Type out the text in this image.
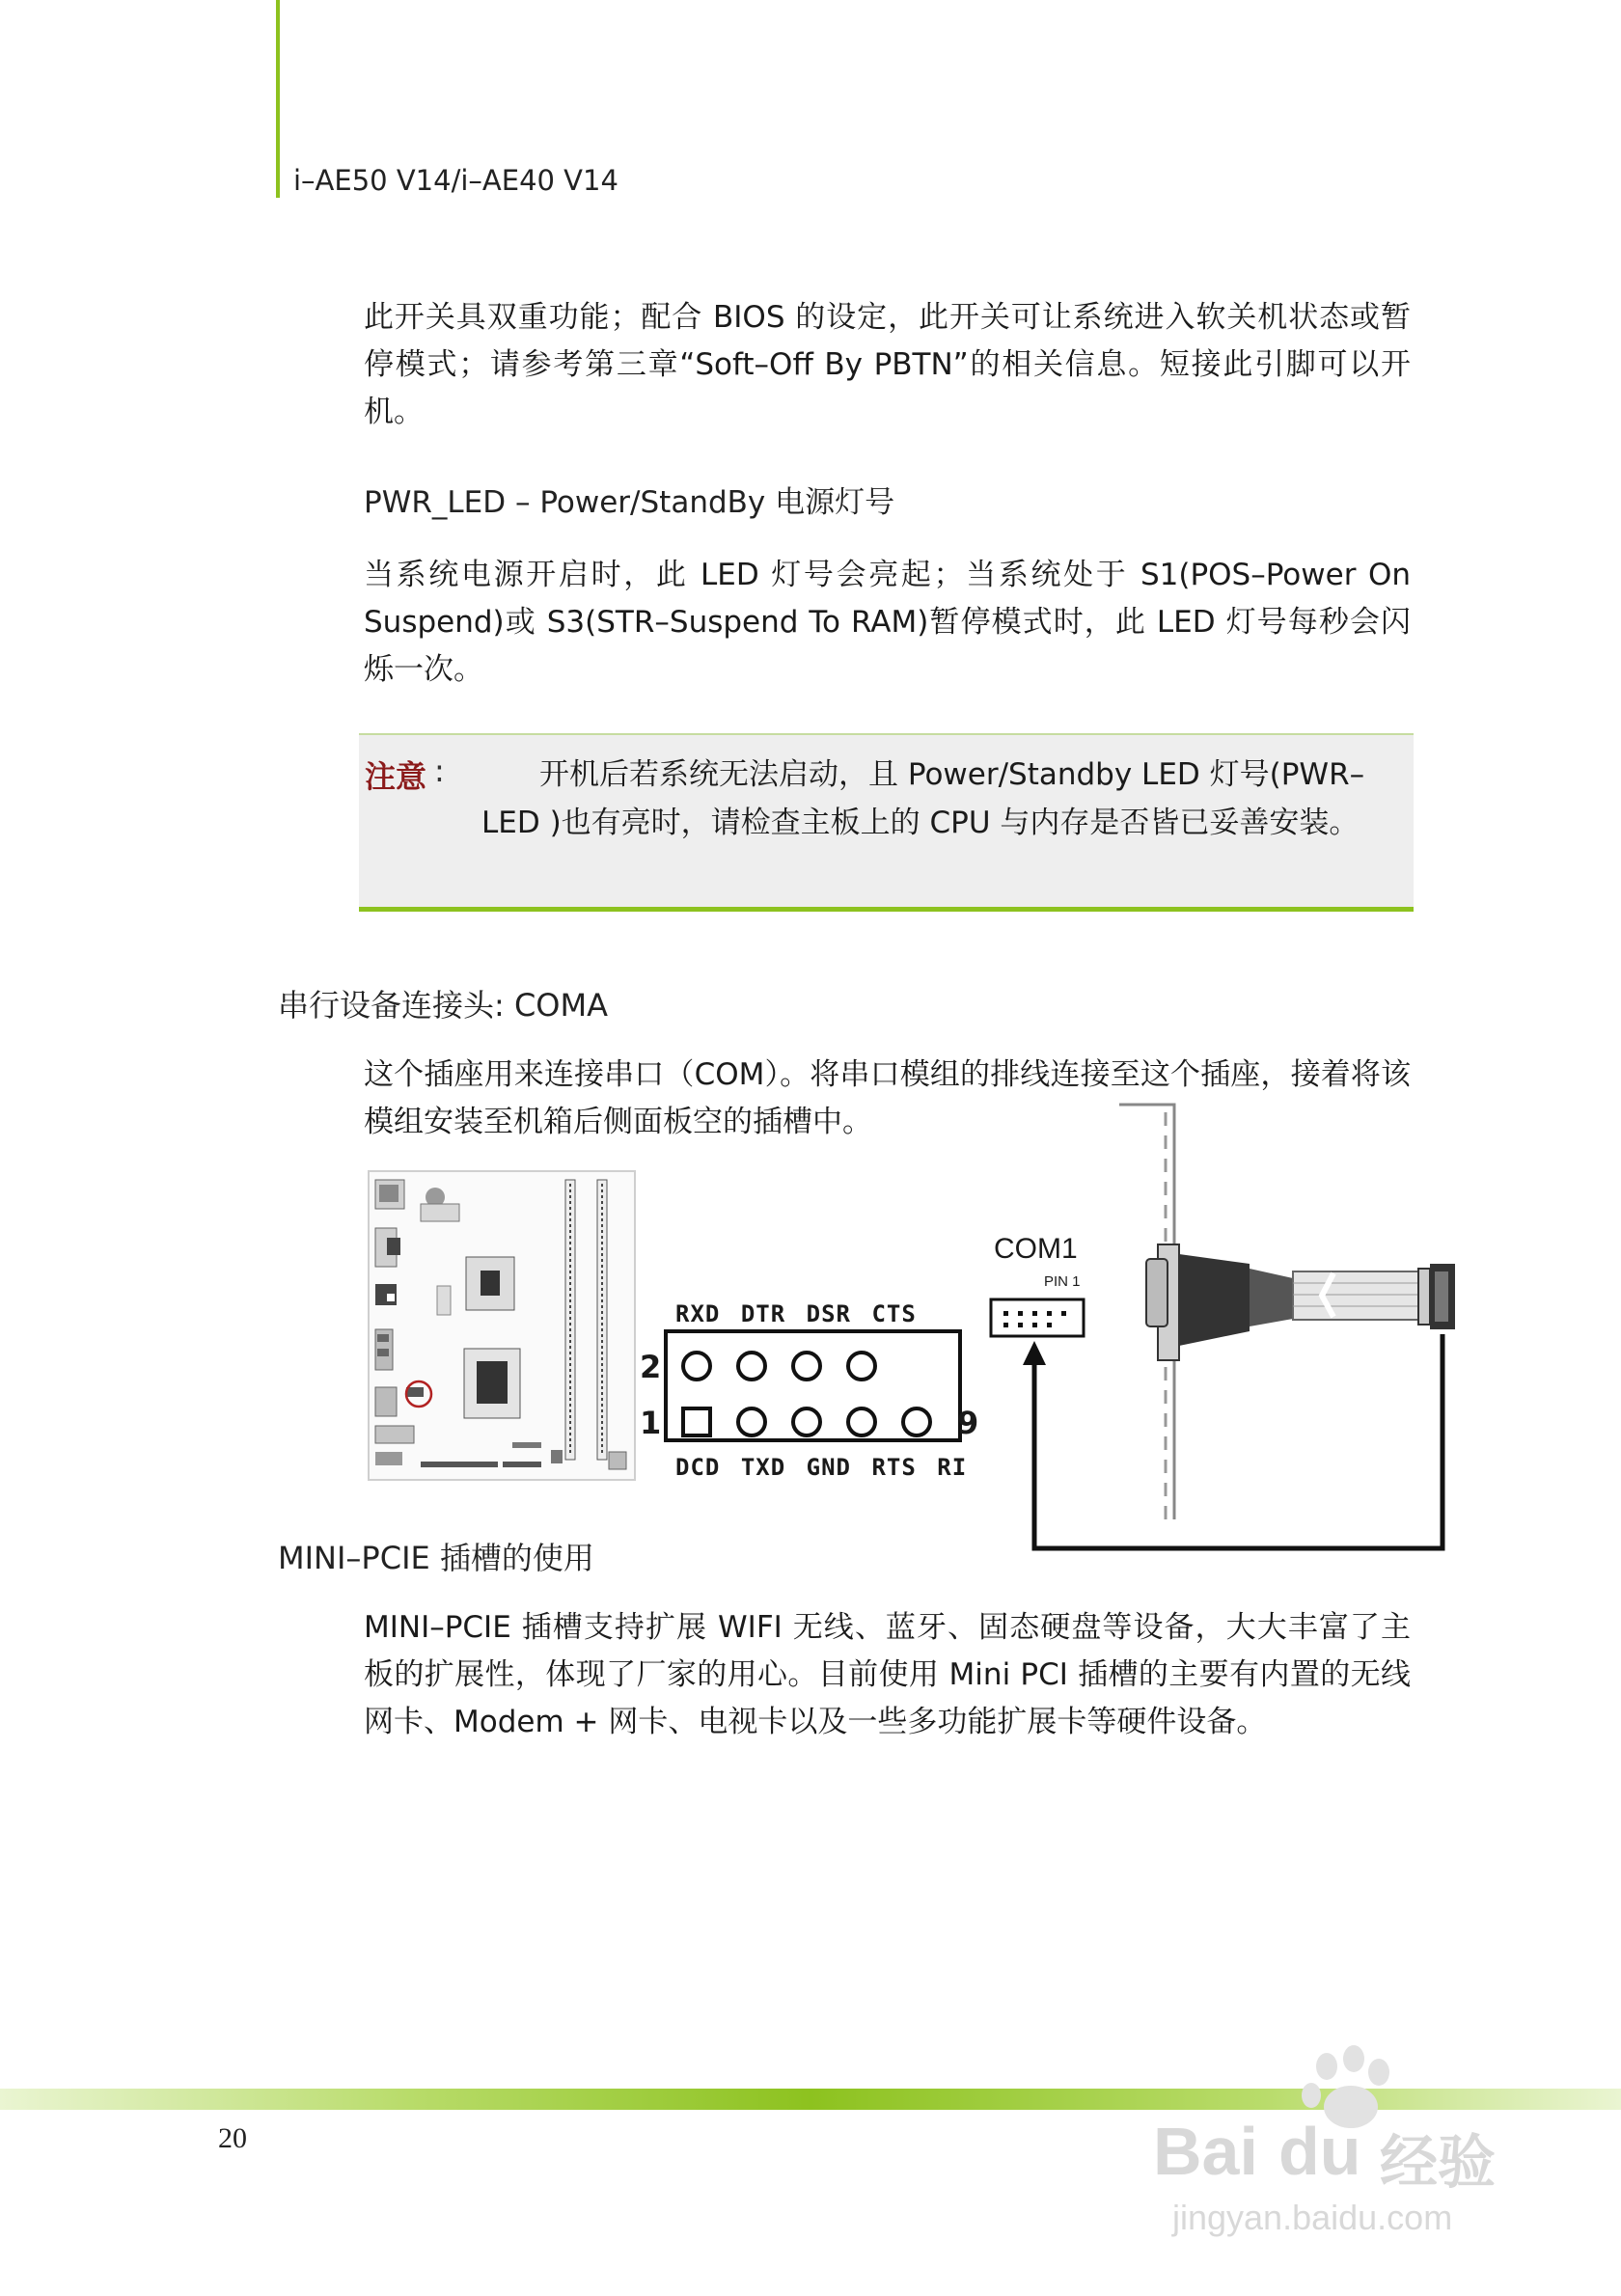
i–AE50 V14/i–AE40 V14

此开关具双重功能；配合 BIOS 的设定，此开关可让系统进入软关机状态或暂停模式；请参考第三章“Soft–Off By PBTN”的相关信息。短接此引脚可以开机。

PWR_LED – Power/StandBy 电源灯号

当系统电源开启时，此 LED 灯号会亮起；当系统处于 S1(POS–Power On Suspend)或 S3(STR–Suspend To RAM)暂停模式时，此 LED 灯号每秒会闪烁一次。

注意 :	开机后若系统无法启动，且 Power/Standby LED 灯号(PWR–LED )也有亮时，请检查主板上的 CPU 与内存是否皆已妥善安装。

串行设备连接头: COMA

这个插座用来连接串口（COM）。将串口模组的排线连接至这个插座，接着将该模组安装至机箱后侧面板空的插槽中。

RXD DTR DSR CTS
DCD TXD GND RTS RI
2
1	9
COM1
PIN 1
MINI–PCIE 插槽的使用

MINI–PCIE 插槽支持扩展 WIFI 无线、蓝牙、固态硬盘等设备，大大丰富了主板的扩展性，体现了厂家的用心。目前使用 Mini PCI 插槽的主要有内置的无线网卡、Modem + 网卡、电视卡以及一些多功能扩展卡等硬件设备。

20	Bai du 经验
jingyan.baidu.com
